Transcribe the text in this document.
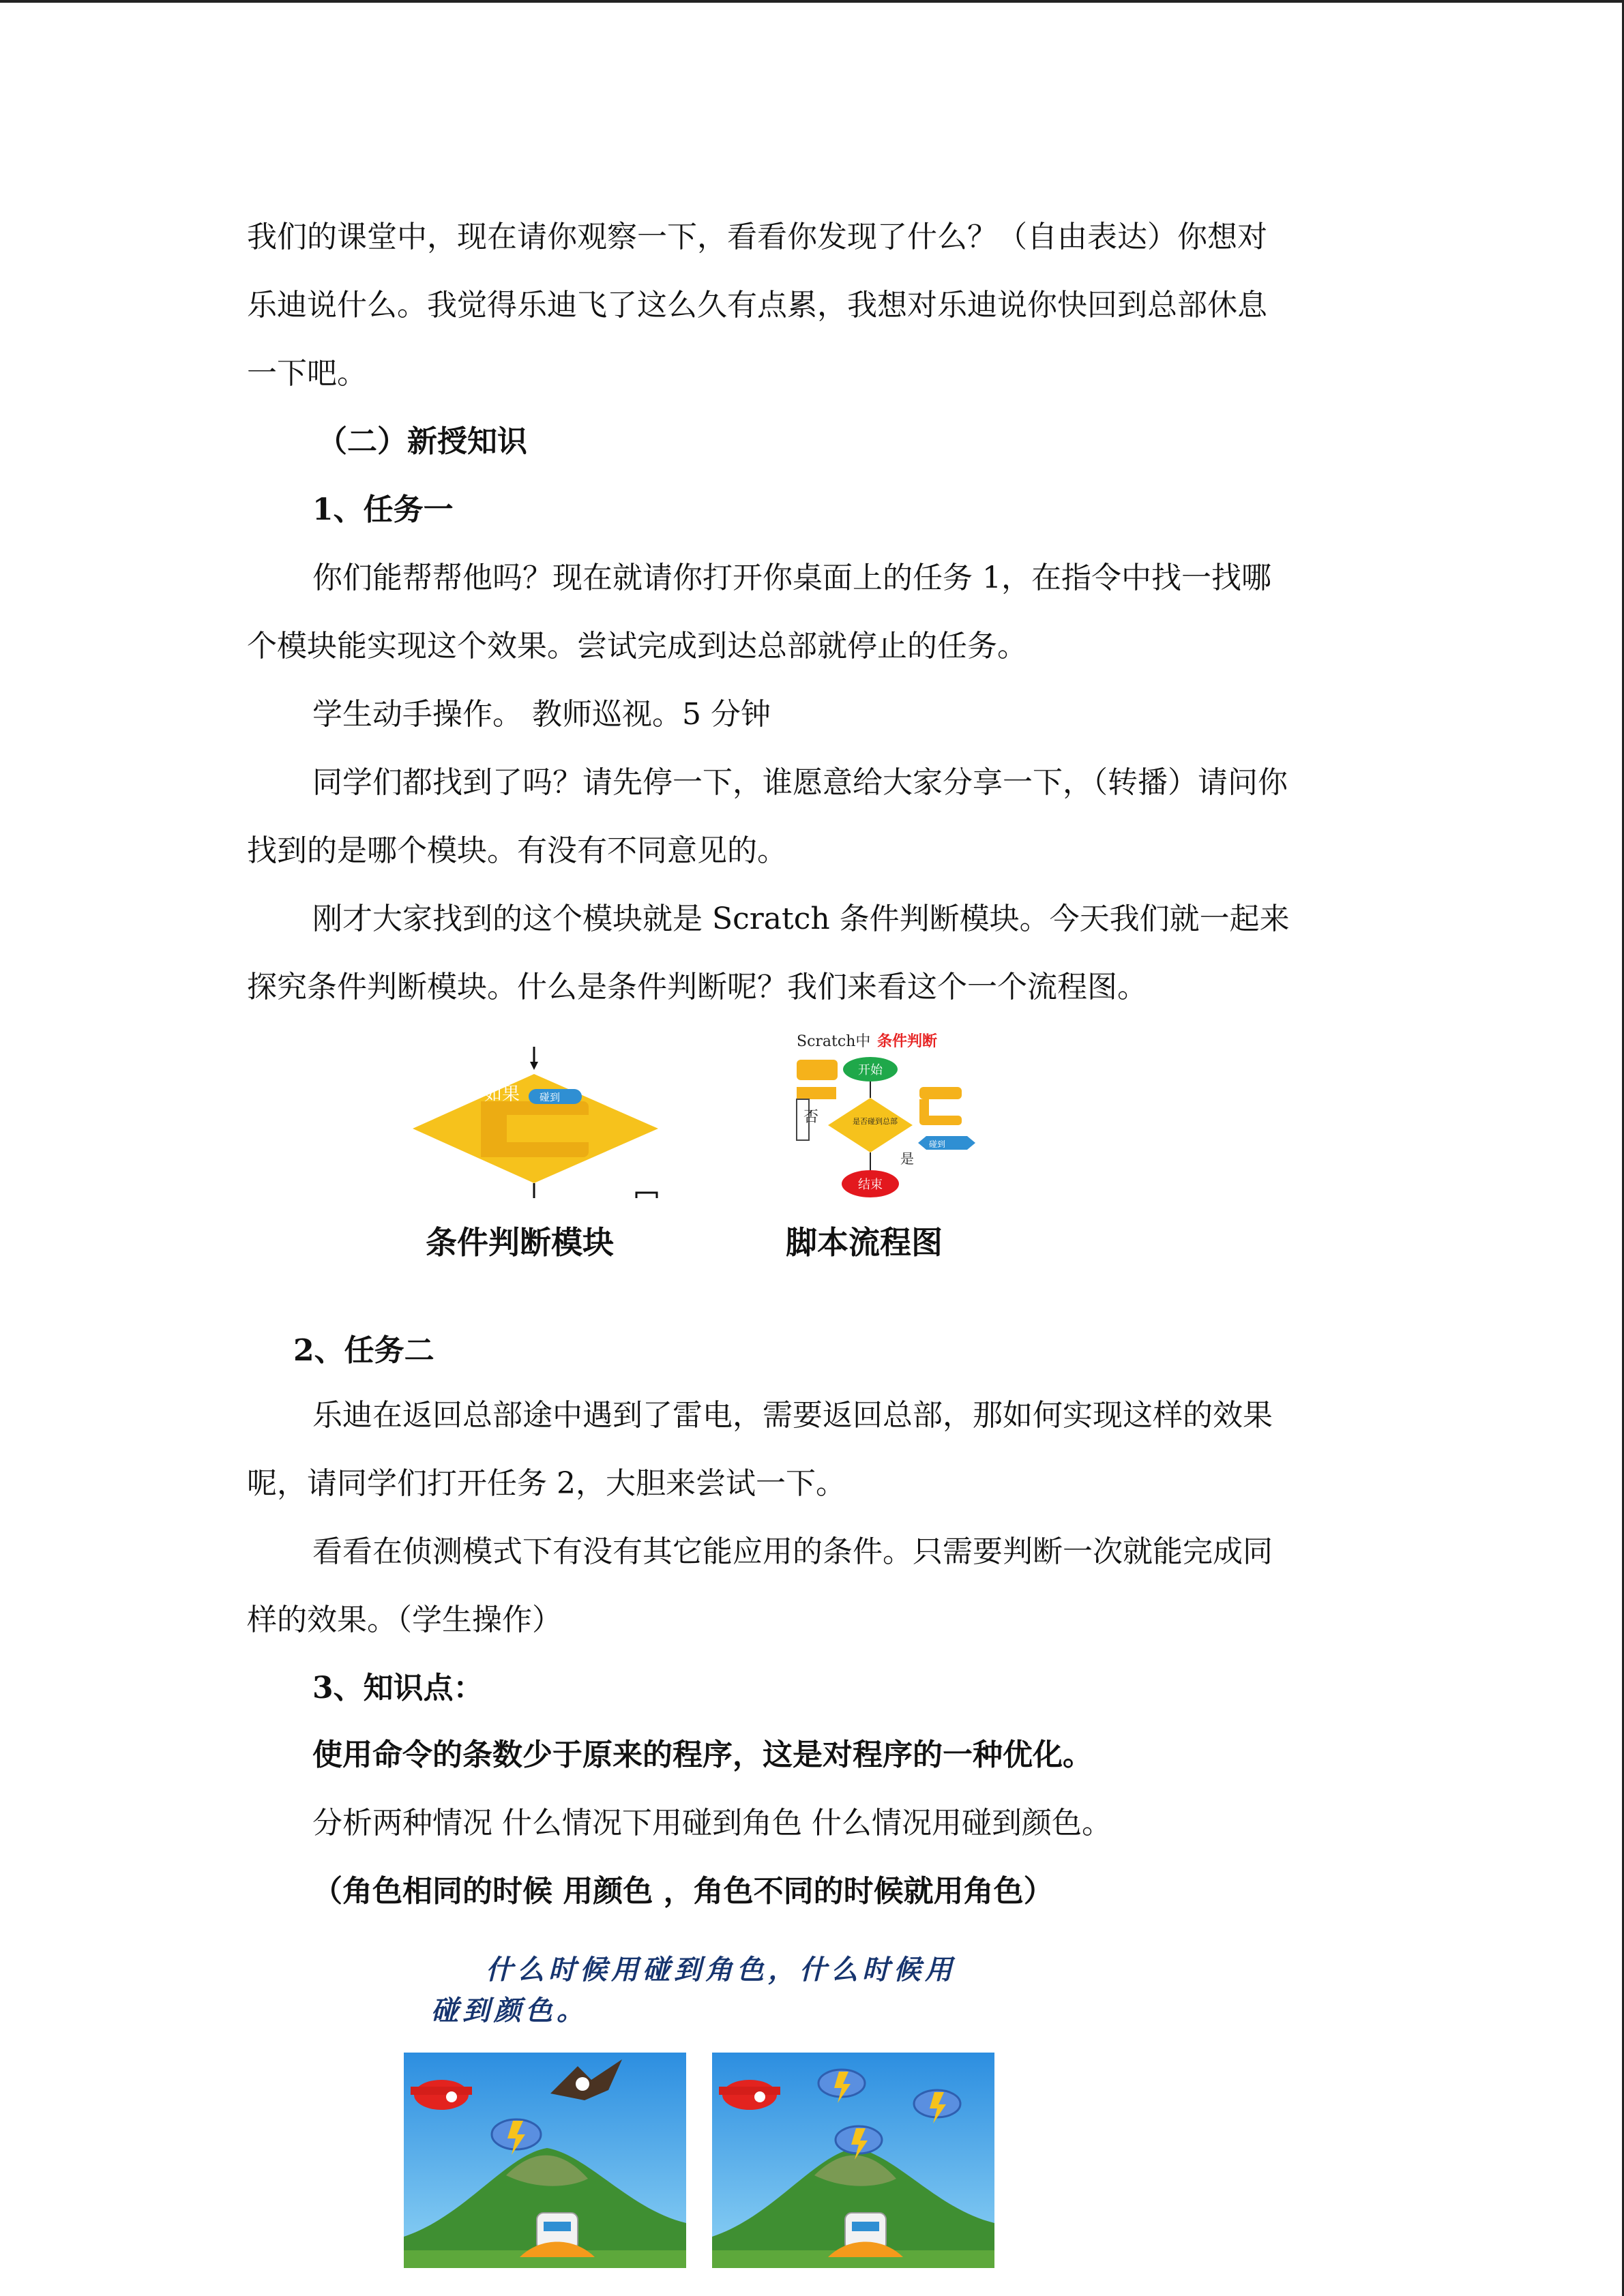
我们的课堂中，现在请你观察一下，看看你发现了什么？（自由表达）你想对
乐迪说什么。我觉得乐迪飞了这么久有点累，我想对乐迪说你快回到总部休息
一下吧。
（二）新授知识
1、任务一
你们能帮帮他吗？现在就请你打开你桌面上的任务 1，在指令中找一找哪
个模块能实现这个效果。尝试完成到达总部就停止的任务。
学生动手操作。 教师巡视。5 分钟
同学们都找到了吗？请先停一下，谁愿意给大家分享一下，（转播）请问你
找到的是哪个模块。有没有不同意见的。
刚才大家找到的这个模块就是 Scratch 条件判断模块。今天我们就一起来
探究条件判断模块。什么是条件判断呢？我们来看这个一个流程图。
如果 碰到
条件判断模块
Scratch中 条件判断
开始
否	是否碰到总部
是
结束
碰到
脚本流程图
2、任务二
乐迪在返回总部途中遇到了雷电，需要返回总部，那如何实现这样的效果
呢，请同学们打开任务 2，大胆来尝试一下。
看看在侦测模式下有没有其它能应用的条件。只需要判断一次就能完成同
样的效果。（学生操作）
3、知识点：
使用命令的条数少于原来的程序，这是对程序的一种优化。
分析两种情况 什么情况下用碰到角色 什么情况用碰到颜色。
（角色相同的时候 用颜色 ，角色不同的时候就用角色）
什么时候用碰到角色，什么时候用
碰到颜色。
